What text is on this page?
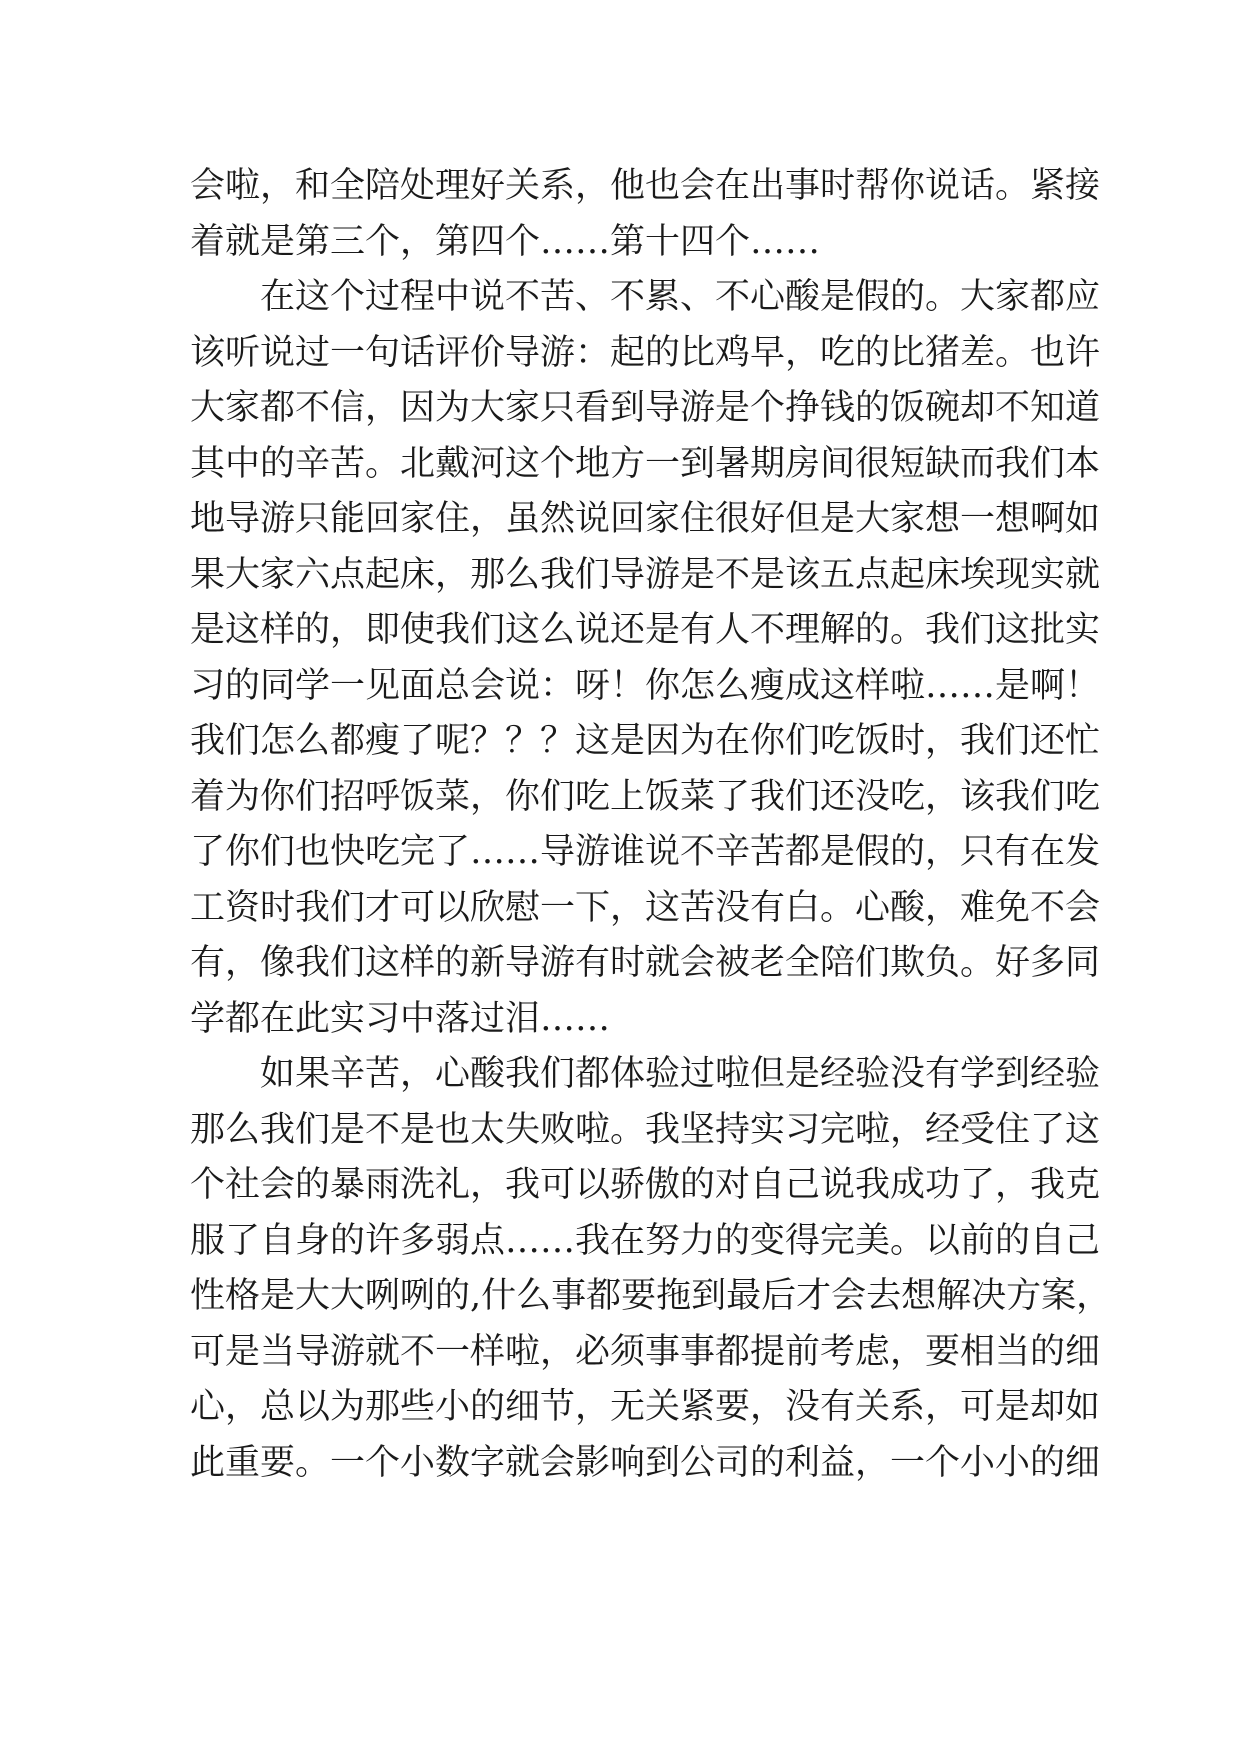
会啦，和全陪处理好关系，他也会在出事时帮你说话。紧接
着就是第三个，第四个……第十四个……
在这个过程中说不苦、不累、不心酸是假的。大家都应
该听说过一句话评价导游：起的比鸡早，吃的比猪差。也许
大家都不信，因为大家只看到导游是个挣钱的饭碗却不知道
其中的辛苦。北戴河这个地方一到暑期房间很短缺而我们本
地导游只能回家住，虽然说回家住很好但是大家想一想啊如
果大家六点起床，那么我们导游是不是该五点起床埃现实就
是这样的，即使我们这么说还是有人不理解的。我们这批实
习的同学一见面总会说：呀！你怎么瘦成这样啦……是啊！
我们怎么都瘦了呢？？？这是因为在你们吃饭时，我们还忙
着为你们招呼饭菜，你们吃上饭菜了我们还没吃，该我们吃
了你们也快吃完了……导游谁说不辛苦都是假的，只有在发
工资时我们才可以欣慰一下，这苦没有白。心酸，难免不会
有，像我们这样的新导游有时就会被老全陪们欺负。好多同
学都在此实习中落过泪……
如果辛苦，心酸我们都体验过啦但是经验没有学到经验
那么我们是不是也太失败啦。我坚持实习完啦，经受住了这
个社会的暴雨洗礼，我可以骄傲的对自己说我成功了，我克
服了自身的许多弱点……我在努力的变得完美。以前的自己
性格是大大咧咧的,什么事都要拖到最后才会去想解决方案，
可是当导游就不一样啦，必须事事都提前考虑，要相当的细
心，总以为那些小的细节，无关紧要，没有关系，可是却如
此重要。一个小数字就会影响到公司的利益，一个小小的细
